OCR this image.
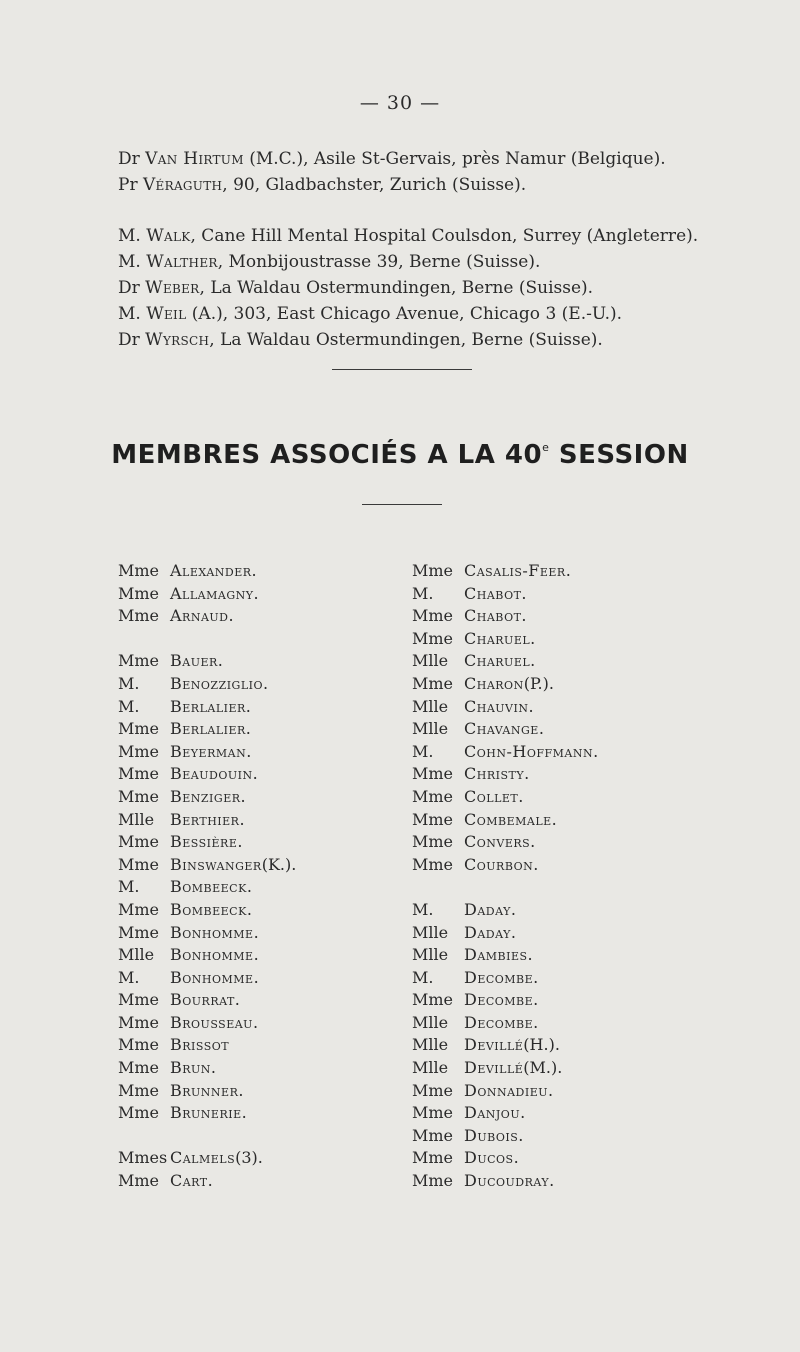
— 30 —
Dr Van Hirtum (M.C.), Asile St-Gervais, près Namur (Belgique).
Pr Véraguth, 90, Gladbachster, Zurich (Suisse).
M. Walk, Cane Hill Mental Hospital Coulsdon, Surrey (Angleterre).
M. Walther, Monbijoustrasse 39, Berne (Suisse).
Dr Weber, La Waldau Ostermundingen, Berne (Suisse).
M. Weil (A.), 303, East Chicago Avenue, Chicago 3 (E.-U.).
Dr Wyrsch, La Waldau Ostermundingen, Berne (Suisse).
MEMBRES ASSOCIÉS A LA 40e SESSION
Mme Alexander.
Mme Allamagny.
Mme Arnaud.
Mme Bauer.
M.	Benozziglio.
M.	Berlalier.
Mme Berlalier.
Mme Beyerman.
Mme Beaudouin.
Mme Benziger.
Mlle Berthier.
Mme Bessière.
Mme Binswanger (K.).
M.	Bombeeck.
Mme Bombeeck.
Mme Bonhomme.
Mlle Bonhomme.
M.	Bonhomme.
Mme Bourrat.
Mme Brousseau.
Mme Brissot
Mme Brun.
Mme Brunner.
Mme Brunerie.
Mmes Calmels (3).
Mme Cart.
Mme Casalis-Feer.
M.	Chabot.
Mme Chabot.
Mme Charuel.
Mlle Charuel.
Mme Charon (P.).
Mlle Chauvin.
Mlle Chavange.
M.	Cohn-Hoffmann.
Mme Christy.
Mme Collet.
Mme Combemale.
Mme Convers.
Mme Courbon.
M.	Daday.
Mlle Daday.
Mlle Dambies.
M.	Decombe.
Mme Decombe.
Mlle Decombe.
Mlle Devillé (H.).
Mlle Devillé (M.).
Mme Donnadieu.
Mme Danjou.
Mme Dubois.
Mme Ducos.
Mme Ducoudray.
